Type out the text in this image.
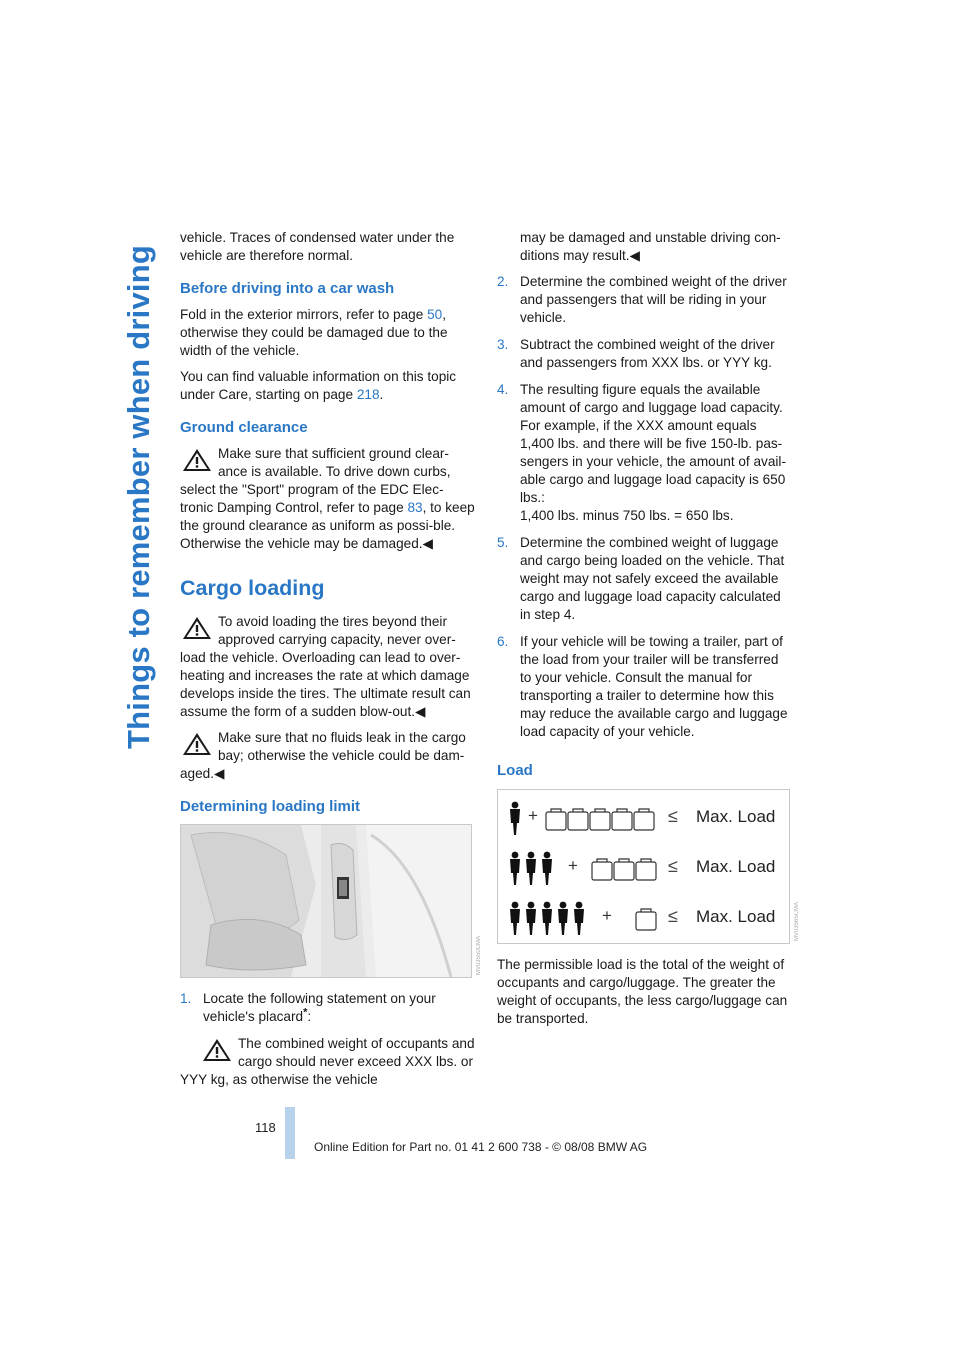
Things to remember when driving

vehicle. Traces of condensed water under the vehicle are therefore normal.

Before driving into a car wash

Fold in the exterior mirrors, refer to page 50, otherwise they could be damaged due to the width of the vehicle.

You can find valuable information on this topic under Care, starting on page 218.

Ground clearance
Make sure that sufficient ground clear-ance is available. To drive down curbs, select the "Sport" program of the EDC Elec-tronic Damping Control, refer to page 83, to keep the ground clearance as uniform as possi-ble. Otherwise the vehicle may be damaged.◀
Cargo loading
To avoid loading the tires beyond their approved carrying capacity, never over-load the vehicle. Overloading can lead to over-heating and increases the rate at which damage develops inside the tires. The ultimate result can assume the form of a sudden blow-out.◀
Make sure that no fluids leak in the cargo bay; otherwise the vehicle could be dam-aged.◀
Determining loading limit
MV03550CMA
1. Locate the following statement on your vehicle's placard*:
The combined weight of occupants and cargo should never exceed XXX lbs. or YYY kg, as otherwise the vehicle

may be damaged and unstable driving con-ditions may result.◀

2. Determine the combined weight of the driver and passengers that will be riding in your vehicle.
3. Subtract the combined weight of the driver and passengers from XXX lbs. or YYY kg.
4. The resulting figure equals the available amount of cargo and luggage load capacity. For example, if the XXX amount equals 1,400 lbs. and there will be five 150-lb. pas-sengers in your vehicle, the amount of avail-able cargo and luggage load capacity is 650 lbs.:
1,400 lbs. minus 750 lbs. = 650 lbs.
5. Determine the combined weight of luggage and cargo being loaded on the vehicle. That weight may not safely exceed the available cargo and luggage load capacity calculated in step 4.
6. If your vehicle will be towing a trailer, part of the load from your trailer will be transferred to your vehicle. Consult the manual for transporting a trailer to determine how this may reduce the available cargo and luggage load capacity of your vehicle.
Load
+	≤ Max. Load
+	≤ Max. Load
+	≤ Max. Load	MV03565CMA

The permissible load is the total of the weight of occupants and cargo/luggage. The greater the weight of occupants, the less cargo/luggage can be transported.

118
Online Edition for Part no. 01 41 2 600 738 - © 08/08 BMW AG
